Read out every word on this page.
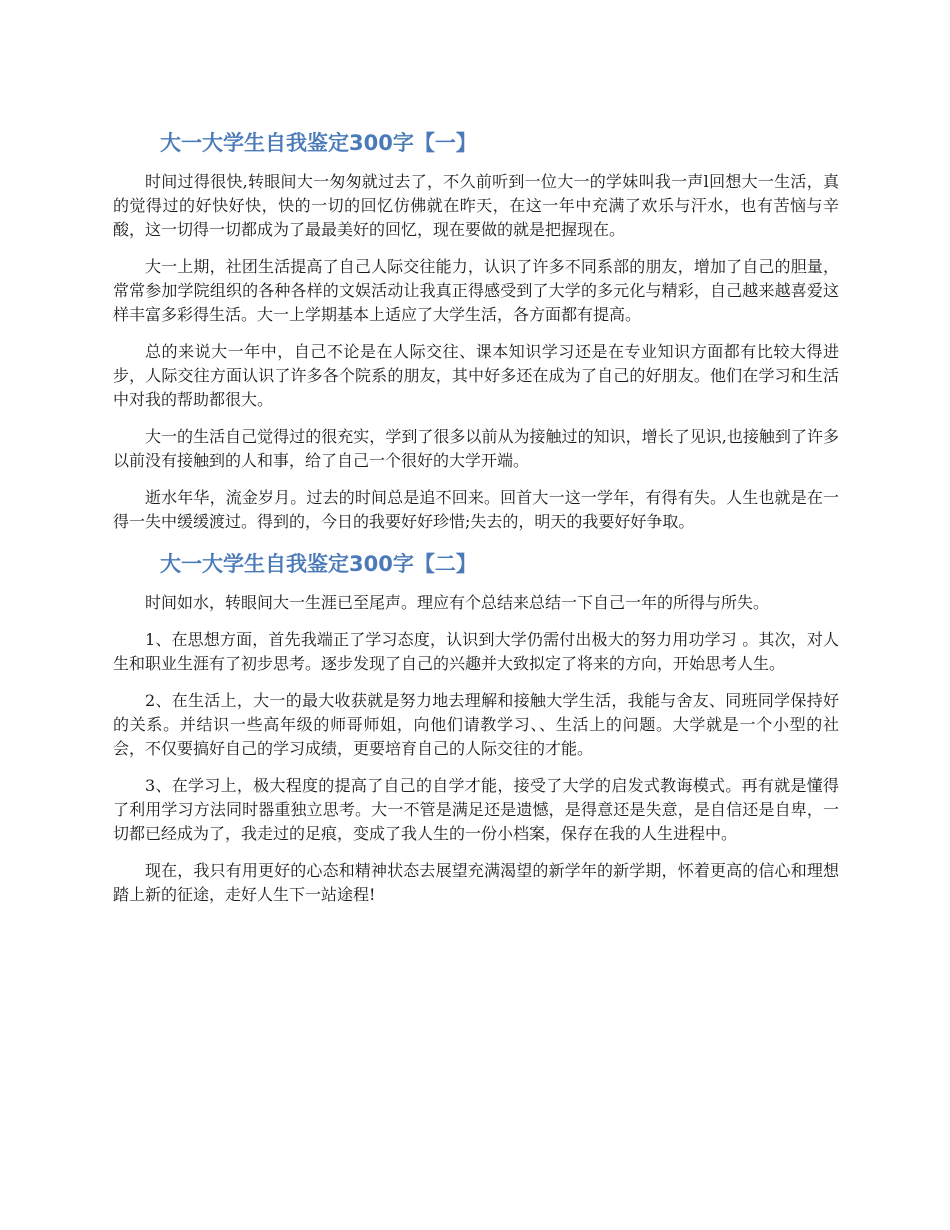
大一大学生自我鉴定300字【一】

时间过得很快,转眼间大一匆匆就过去了，不久前听到一位大一的学妹叫我一声l回想大一生活，真的觉得过的好快好快，快的一切的回忆仿佛就在昨天，在这一年中充满了欢乐与汗水，也有苦恼与辛酸，这一切得一切都成为了最最美好的回忆，现在要做的就是把握现在。

大一上期，社团生活提高了自己人际交往能力，认识了许多不同系部的朋友，增加了自己的胆量，常常参加学院组织的各种各样的文娱活动让我真正得感受到了大学的多元化与精彩，自己越来越喜爱这样丰富多彩得生活。大一上学期基本上适应了大学生活，各方面都有提高。

总的来说大一年中，自己不论是在人际交往、课本知识学习还是在专业知识方面都有比较大得进步，人际交往方面认识了许多各个院系的朋友，其中好多还在成为了自己的好朋友。他们在学习和生活中对我的帮助都很大。

大一的生活自己觉得过的很充实，学到了很多以前从为接触过的知识，增长了见识,也接触到了许多以前没有接触到的人和事，给了自己一个很好的大学开端。

逝水年华，流金岁月。过去的时间总是追不回来。回首大一这一学年，有得有失。人生也就是在一得一失中缓缓渡过。得到的，今日的我要好好珍惜;失去的，明天的我要好好争取。

大一大学生自我鉴定300字【二】

时间如水，转眼间大一生涯已至尾声。理应有个总结来总结一下自己一年的所得与所失。

1、在思想方面，首先我端正了学习态度，认识到大学仍需付出极大的努力用功学习 。其次，对人生和职业生涯有了初步思考。逐步发现了自己的兴趣并大致拟定了将来的方向，开始思考人生。

2、在生活上，大一的最大收获就是努力地去理解和接触大学生活，我能与舍友、同班同学保持好的关系。并结识一些高年级的师哥师姐，向他们请教学习、、生活上的问题。大学就是一个小型的社会，不仅要搞好自己的学习成绩，更要培育自己的人际交往的才能。

3、在学习上，极大程度的提高了自己的自学才能，接受了大学的启发式教诲模式。再有就是懂得了利用学习方法同时器重独立思考。大一不管是满足还是遗憾，是得意还是失意，是自信还是自卑，一切都已经成为了，我走过的足痕，变成了我人生的一份小档案，保存在我的人生进程中。

现在，我只有用更好的心态和精神状态去展望充满渴望的新学年的新学期，怀着更高的信心和理想踏上新的征途，走好人生下一站途程!
